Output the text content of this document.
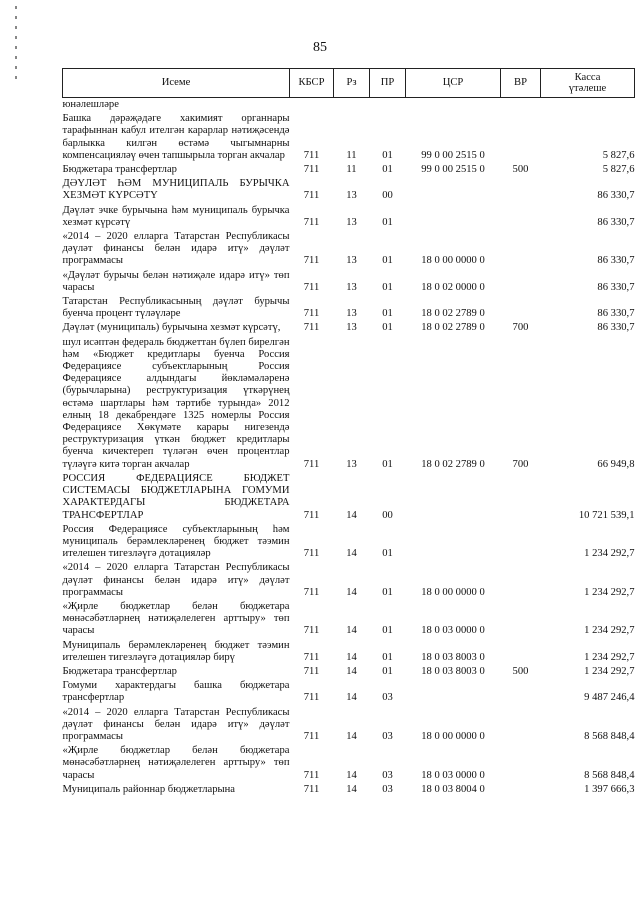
85
Исеме	КБСР	Рз	ПР	ЦСР	ВР	Касса
үтәлеше
юнәлешләре						
Башка дәрәҗәдәге хакимият органнары тарафыннан кабул ителгән карарлар нәтиҗәсендә барлыкка килгән өстәмә чыгымнарны компенсацияләү өчен тапшырыла торган акчалар	711	11	01	99 0 00 2515 0		5 827,6
Бюджетара трансфертлар	711	11	01	99 0 00 2515 0	500	5 827,6
ДӘҮЛӘТ ҺӘМ МУНИЦИПАЛЬ БУРЫЧКА ХЕЗМӘТ КҮРСӘТҮ	711	13	00			86 330,7
Дәүләт эчке бурычына һәм муниципаль бурычка хезмәт күрсәтү	711	13	01			86 330,7
«2014 – 2020 елларга Татарстан Республикасы дәүләт финансы белән идарә итү» дәүләт программасы	711	13	01	18 0 00 0000 0		86 330,7
«Дәүләт бурычы белән нәтиҗәле идарә итү» төп чарасы	711	13	01	18 0 02 0000 0		86 330,7
Татарстан Республикасының дәүләт бурычы буенча процент түләүләре	711	13	01	18 0 02 2789 0		86 330,7
Дәүләт (муниципаль) бурычына хезмәт күрсәтү,	711	13	01	18 0 02 2789 0	700	86 330,7
шул исәптән федераль бюджеттан бүлеп бирелгән һәм «Бюджет кредитлары буенча Россия Федерациясе субъектларының Россия Федерациясе алдындагы йөкләмәләренә (бурычларына) реструктуризация үткәрүнең өстәмә шартлары һәм тәртибе турында» 2012 елның 18 декабрендәге 1325 номерлы Россия Федерациясе Хөкүмәте карары нигезендә реструктуризация үткән бюджет кредитлары буенча кичектереп түләгән өчен процентлар түләүгә китә торган акчалар	711	13	01	18 0 02 2789 0	700	66 949,8
РОССИЯ ФЕДЕРАЦИЯСЕ БЮДЖЕТ СИСТЕМАСЫ БЮДЖЕТЛАРЫНА ГОМУМИ ХАРАКТЕРДАГЫ БЮДЖЕТАРА ТРАНСФЕРТЛАР	711	14	00			10 721 539,1
Россия Федерациясе субъектларының һәм муниципаль берәмлекләренең бюджет тәэмин ителешен тигезләүгә дотацияләр	711	14	01			1 234 292,7
«2014 – 2020 елларга Татарстан Республикасы дәүләт финансы белән идарә итү» дәүләт программасы	711	14	01	18 0 00 0000 0		1 234 292,7
«Җирле бюджетлар белән бюджетара мөнәсәбәтләрнең нәтиҗәлелеген арттыру» төп чарасы	711	14	01	18 0 03 0000 0		1 234 292,7
Муниципаль берәмлекләренең бюджет тәэмин ителешен тигезләүгә дотацияләр бирү	711	14	01	18 0 03 8003 0		1 234 292,7
Бюджетара трансфертлар	711	14	01	18 0 03 8003 0	500	1 234 292,7
Гомуми характердагы башка бюджетара трансфертлар	711	14	03			9 487 246,4
«2014 – 2020 елларга Татарстан Республикасы дәүләт финансы белән идарә итү» дәүләт программасы	711	14	03	18 0 00 0000 0		8 568 848,4
«Җирле бюджетлар белән бюджетара мөнәсәбәтләрнең нәтиҗәлелеген арттыру» төп чарасы	711	14	03	18 0 03 0000 0		8 568 848,4
Муниципаль районнар бюджетларына	711	14	03	18 0 03 8004 0		1 397 666,3
